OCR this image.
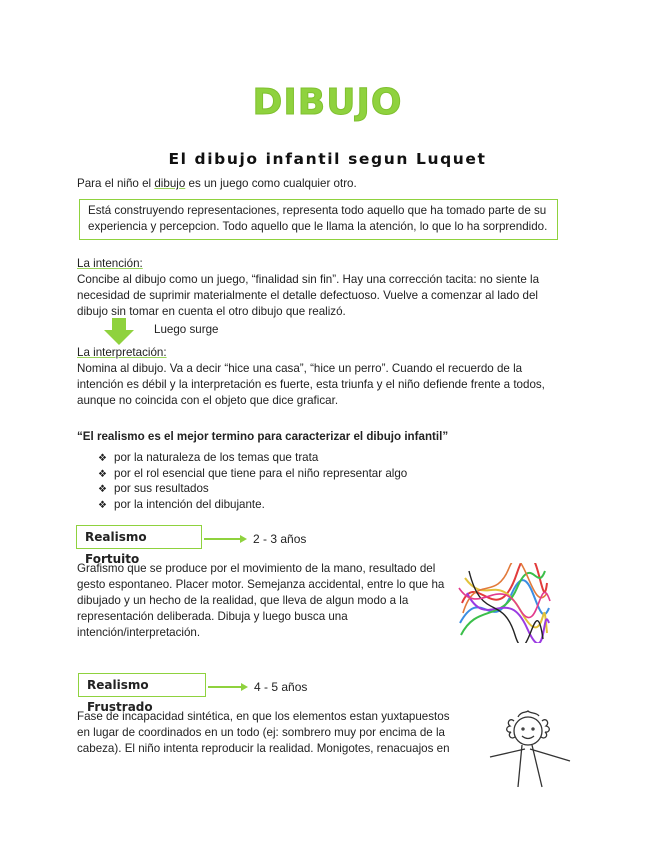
DIBUJO
El dibujo infantil segun Luquet
Para el niño el dibujo es un juego como cualquier otro.
Está construyendo representaciones, representa todo aquello que ha tomado parte de su experiencia y percepcion. Todo aquello que le llama la atención, lo que lo ha sorprendido.
La intención:
Concibe al dibujo como un juego, “finalidad sin fin”. Hay una corrección tacita: no siente la necesidad de suprimir materialmente el detalle defectuoso. Vuelve a comenzar al lado del dibujo sin tomar en cuenta el otro dibujo que realizó.
Luego surge
La interpretación:
Nomina al dibujo. Va a decir “hice una casa”, “hice un perro”. Cuando el recuerdo de la intención es débil y la interpretación es fuerte, esta triunfa y el niño defiende frente a todos, aunque no coincida con el objeto que dice graficar.
“El realismo es el mejor termino para caracterizar el dibujo infantil”
❖ por la naturaleza de los temas que trata
❖ por el rol esencial que tiene para el niño representar algo
❖ por sus resultados
❖ por la intención del dibujante.
Realismo Fortuito
2 - 3 años
Grafismo que se produce por el movimiento de la mano, resultado del gesto espontaneo. Placer motor. Semejanza accidental, entre lo que ha dibujado y un hecho de la realidad, que lleva de algun modo a la representación deliberada. Dibuja y luego busca una intención/interpretación.
Realismo Frustrado
4 - 5 años
Fase de incapacidad sintética, en que los elementos estan yuxtapuestos en lugar de coordinados en un todo (ej: sombrero muy por encima de la cabeza). El niño intenta reproducir la realidad. Monigotes, renacuajos en
